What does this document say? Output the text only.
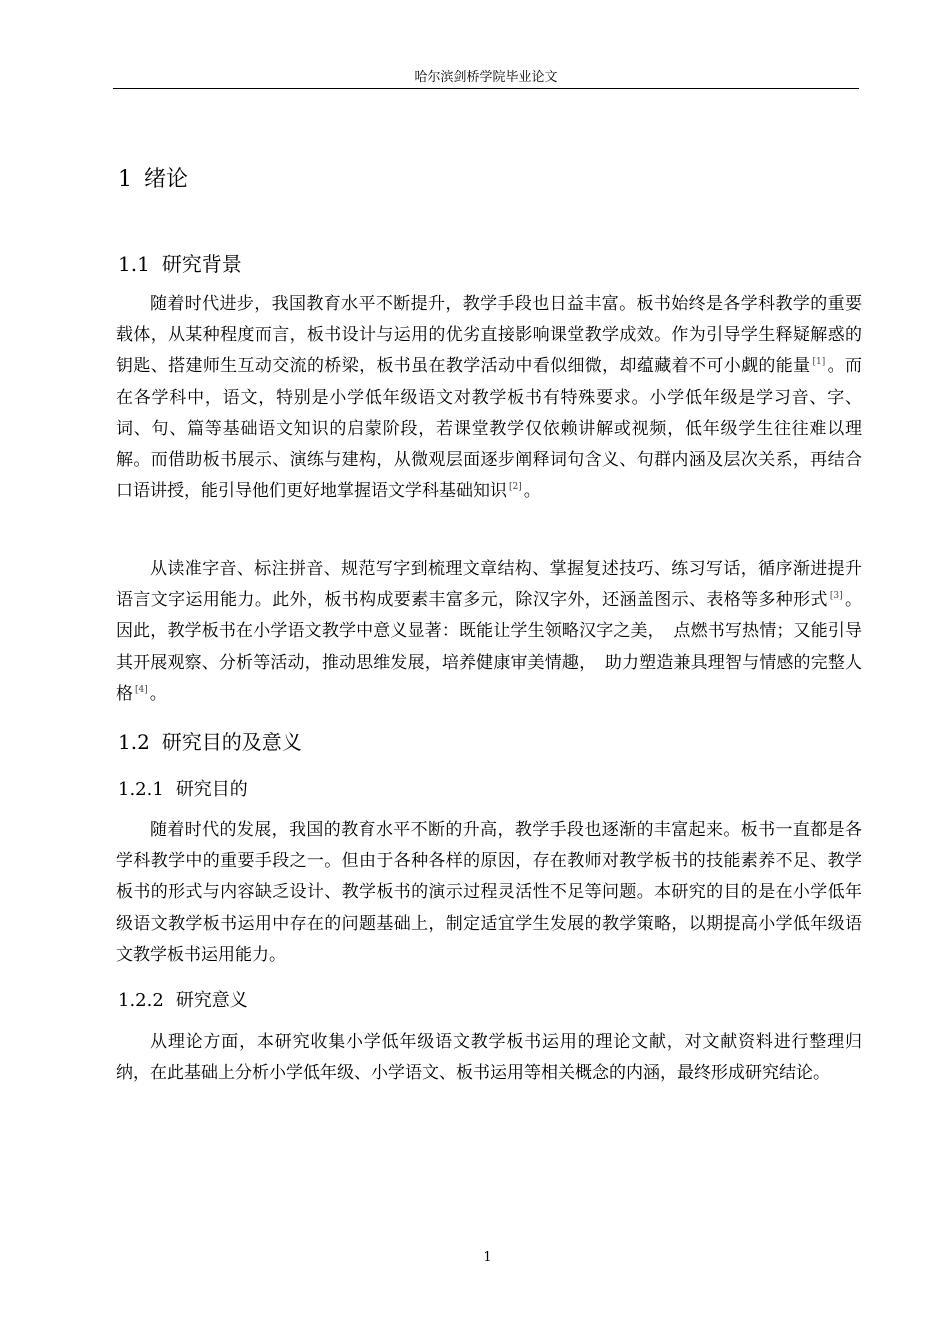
哈尔滨剑桥学院毕业论文
1 绪论
1.1 研究背景

随着时代进步，我国教育水平不断提升，教学手段也日益丰富。板书始终是各学科教学的重要载体，从某种程度而言，板书设计与运用的优劣直接影响课堂教学成效。作为引导学生释疑解惑的钥匙、搭建师生互动交流的桥梁，板书虽在教学活动中看似细微，却蕴藏着不可小觑的能量 [1] 。而在各学科中，语文，特别是小学低年级语文对教学板书有特殊要求。小学低年级是学习音、字、词、句、篇等基础语文知识的启蒙阶段，若课堂教学仅依赖讲解或视频，低年级学生往往难以理解。而借助板书展示、演练与建构，从微观层面逐步阐释词句含义、句群内涵及层次关系，再结合口语讲授，能引导他们更好地掌握语文学科基础知识 [2] 。

从读准字音、标注拼音、规范写字到梳理文章结构、掌握复述技巧、练习写话，循序渐进提升语言文字运用能力。此外，板书构成要素丰富多元，除汉字外，还涵盖图示、表格等多种形式 [3] 。因此，教学板书在小学语文教学中意义显著：既能让学生领略汉字之美，　点燃书写热情；又能引导其开展观察、分析等活动，推动思维发展，培养健康审美情趣，　助力塑造兼具理智与情感的完整人格 [4] 。

1.2 研究目的及意义
1.2.1 研究目的

随着时代的发展，我国的教育水平不断的升高，教学手段也逐渐的丰富起来。板书一直都是各学科教学中的重要手段之一。但由于各种各样的原因，存在教师对教学板书的技能素养不足、教学板书的形式与内容缺乏设计、教学板书的演示过程灵活性不足等问题。本研究的目的是在小学低年级语文教学板书运用中存在的问题基础上，制定适宜学生发展的教学策略，以期提高小学低年级语文教学板书运用能力。

1.2.2 研究意义

从理论方面，本研究收集小学低年级语文教学板书运用的理论文献，对文献资料进行整理归纳，在此基础上分析小学低年级、小学语文、板书运用等相关概念的内涵，最终形成研究结论。

1
